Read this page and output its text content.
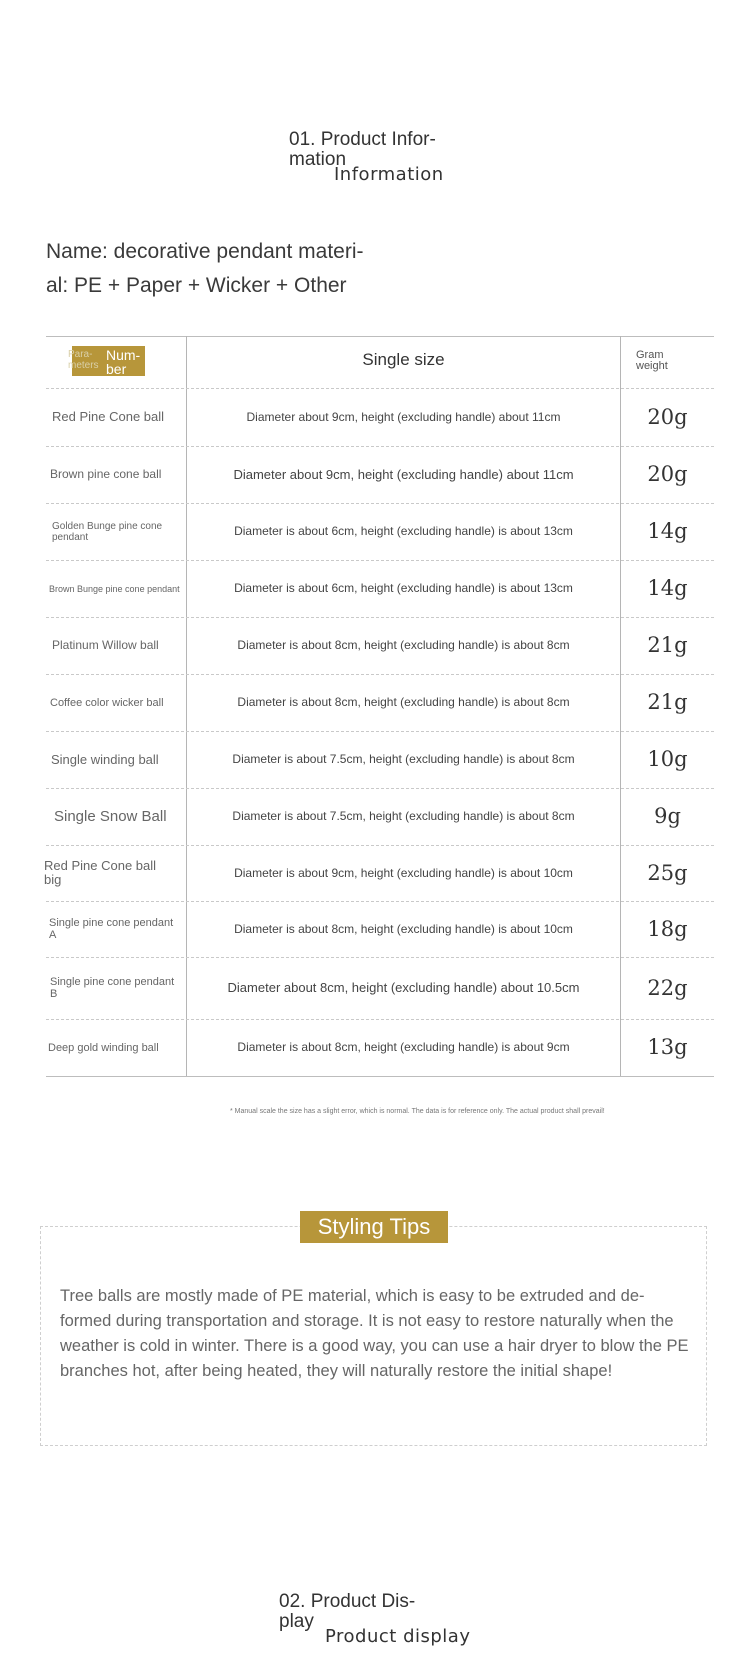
01. Product Infor-
mation
Information
Name: decorative pendant materi-
al: PE + Paper + Wicker + Other
Para-
meters
Num-
ber	Single size	Gram
weight
Red Pine Cone ball	Diameter about 9cm, height (excluding handle) about 11cm	20g
Brown pine cone ball	Diameter about 9cm, height (excluding handle) about 11cm	20g
Golden Bunge pine cone pendant	Diameter is about 6cm, height (excluding handle) is about 13cm	14g
Brown Bunge pine cone pendant	Diameter is about 6cm, height (excluding handle) is about 13cm	14g
Platinum Willow ball	Diameter is about 8cm, height (excluding handle) is about 8cm	21g
Coffee color wicker ball	Diameter is about 8cm, height (excluding handle) is about 8cm	21g
Single winding ball	Diameter is about 7.5cm, height (excluding handle) is about 8cm	10g
Single Snow Ball	Diameter is about 7.5cm, height (excluding handle) is about 8cm	9g
Red Pine Cone ball big	Diameter is about 9cm, height (excluding handle) is about 10cm	25g
Single pine cone pendant A	Diameter is about 8cm, height (excluding handle) is about 10cm	18g
Single pine cone pendant B	Diameter about 8cm, height (excluding handle) about 10.5cm	22g
Deep gold winding ball	Diameter is about 8cm, height (excluding handle) is about 9cm	13g
* Manual scale the size has a slight error, which is normal. The data is for reference only. The actual product shall prevail!
Styling Tips
Tree balls are mostly made of PE material, which is easy to be extruded and de-formed during transportation and storage. It is not easy to restore naturally when the weather is cold in winter. There is a good way, you can use a hair dryer to blow the PE branches hot, after being heated, they will naturally restore the initial shape!
02. Product Dis-
play
Product display
